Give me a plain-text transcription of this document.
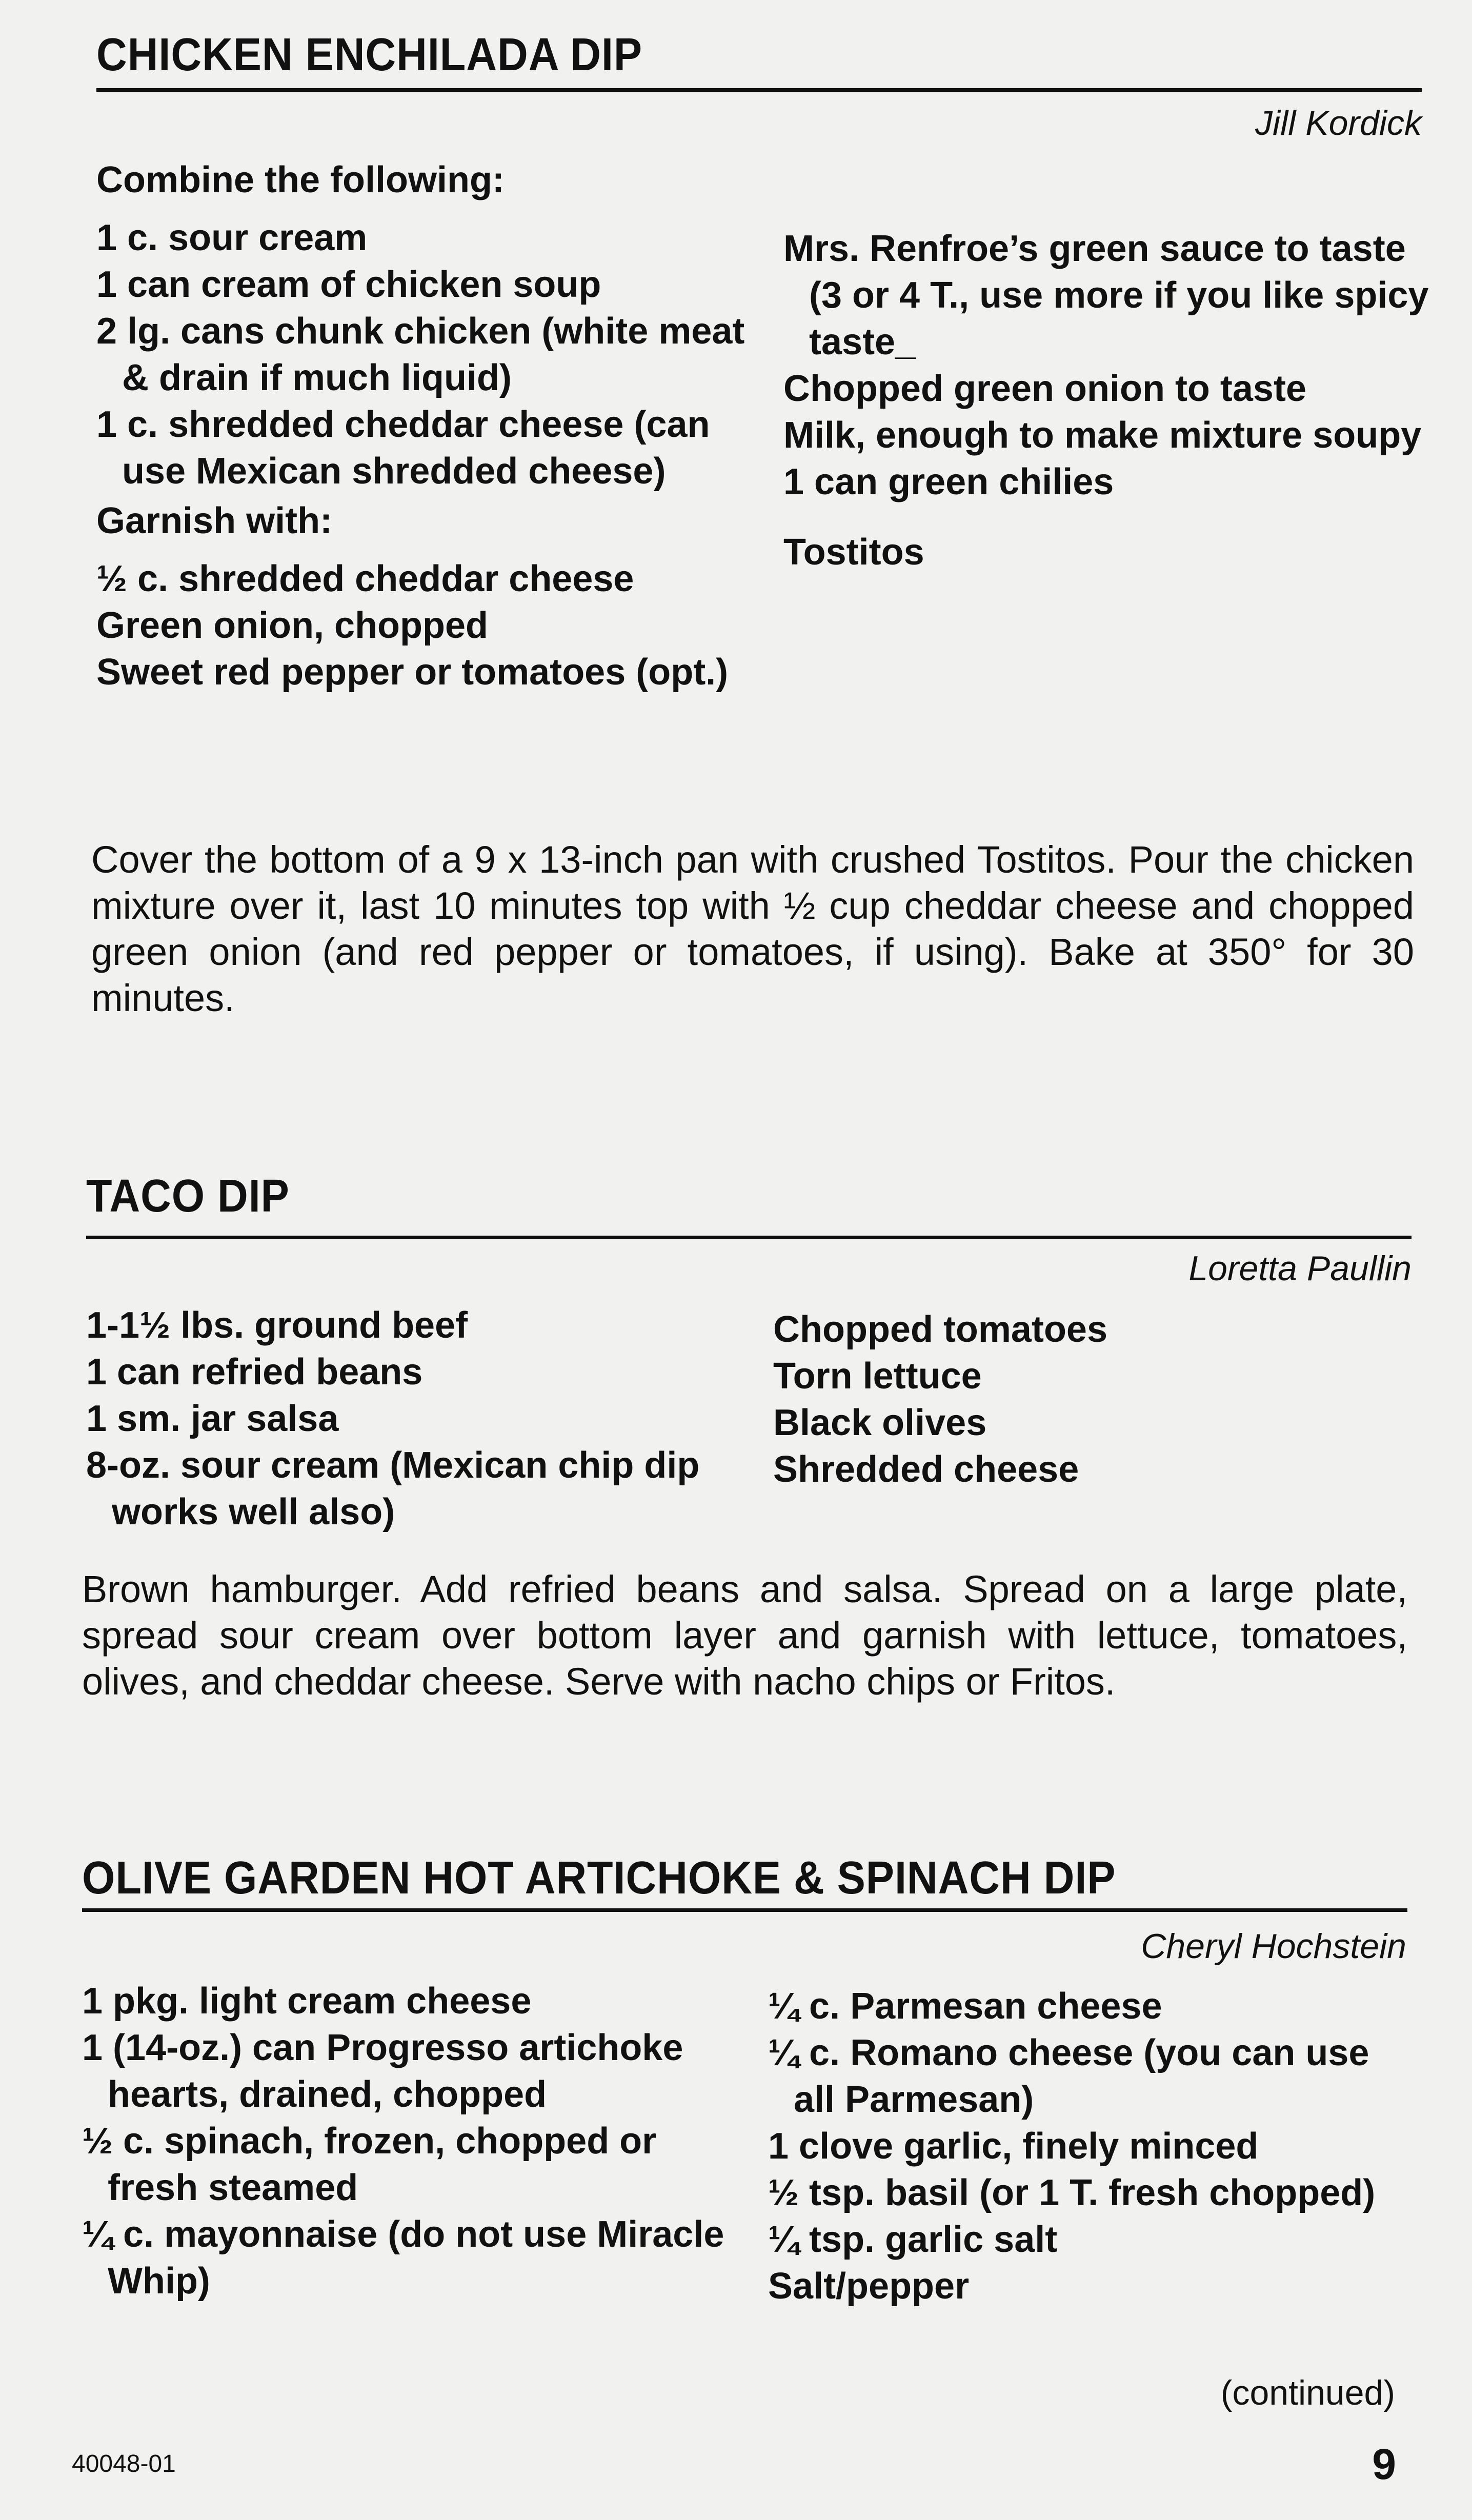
CHICKEN ENCHILADA DIP
Jill Kordick
Combine the following:
1 c. sour cream
1 can cream of chicken soup
2 lg. cans chunk chicken (white meat & drain if much liquid)
1 c. shredded cheddar cheese (can use Mexican shredded cheese)
Garnish with:
½ c. shredded cheddar cheese
Green onion, chopped
Sweet red pepper or tomatoes (opt.)
Mrs. Renfroe’s green sauce to taste (3 or 4 T., use more if you like spicy taste_
Chopped green onion to taste
Milk, enough to make mixture soupy
1 can green chilies
Tostitos

Cover the bottom of a 9 x 13-inch pan with crushed Tostitos. Pour the chicken mixture over it, last 10 minutes top with ½ cup cheddar cheese and chopped green onion (and red pepper or tomatoes, if using). Bake at 350° for 30 minutes.

TACO DIP
Loretta Paullin
1-1½ lbs. ground beef
1 can refried beans
1 sm. jar salsa
8-oz. sour cream (Mexican chip dip works well also)
Chopped tomatoes
Torn lettuce
Black olives
Shredded cheese

Brown hamburger. Add refried beans and salsa. Spread on a large plate, spread sour cream over bottom layer and garnish with lettuce, tomatoes, olives, and cheddar cheese. Serve with nacho chips or Fritos.

OLIVE GARDEN HOT ARTICHOKE & SPINACH DIP
Cheryl Hochstein
1 pkg. light cream cheese
1 (14-oz.) can Progresso artichoke hearts, drained, chopped
½ c. spinach, frozen, chopped or fresh steamed
¼ c. mayonnaise (do not use Miracle Whip)
¼ c. Parmesan cheese
¼ c. Romano cheese (you can use all Parmesan)
1 clove garlic, finely minced
½ tsp. basil (or 1 T. fresh chopped)
¼ tsp. garlic salt
Salt/pepper
(continued)
40048-01	9
